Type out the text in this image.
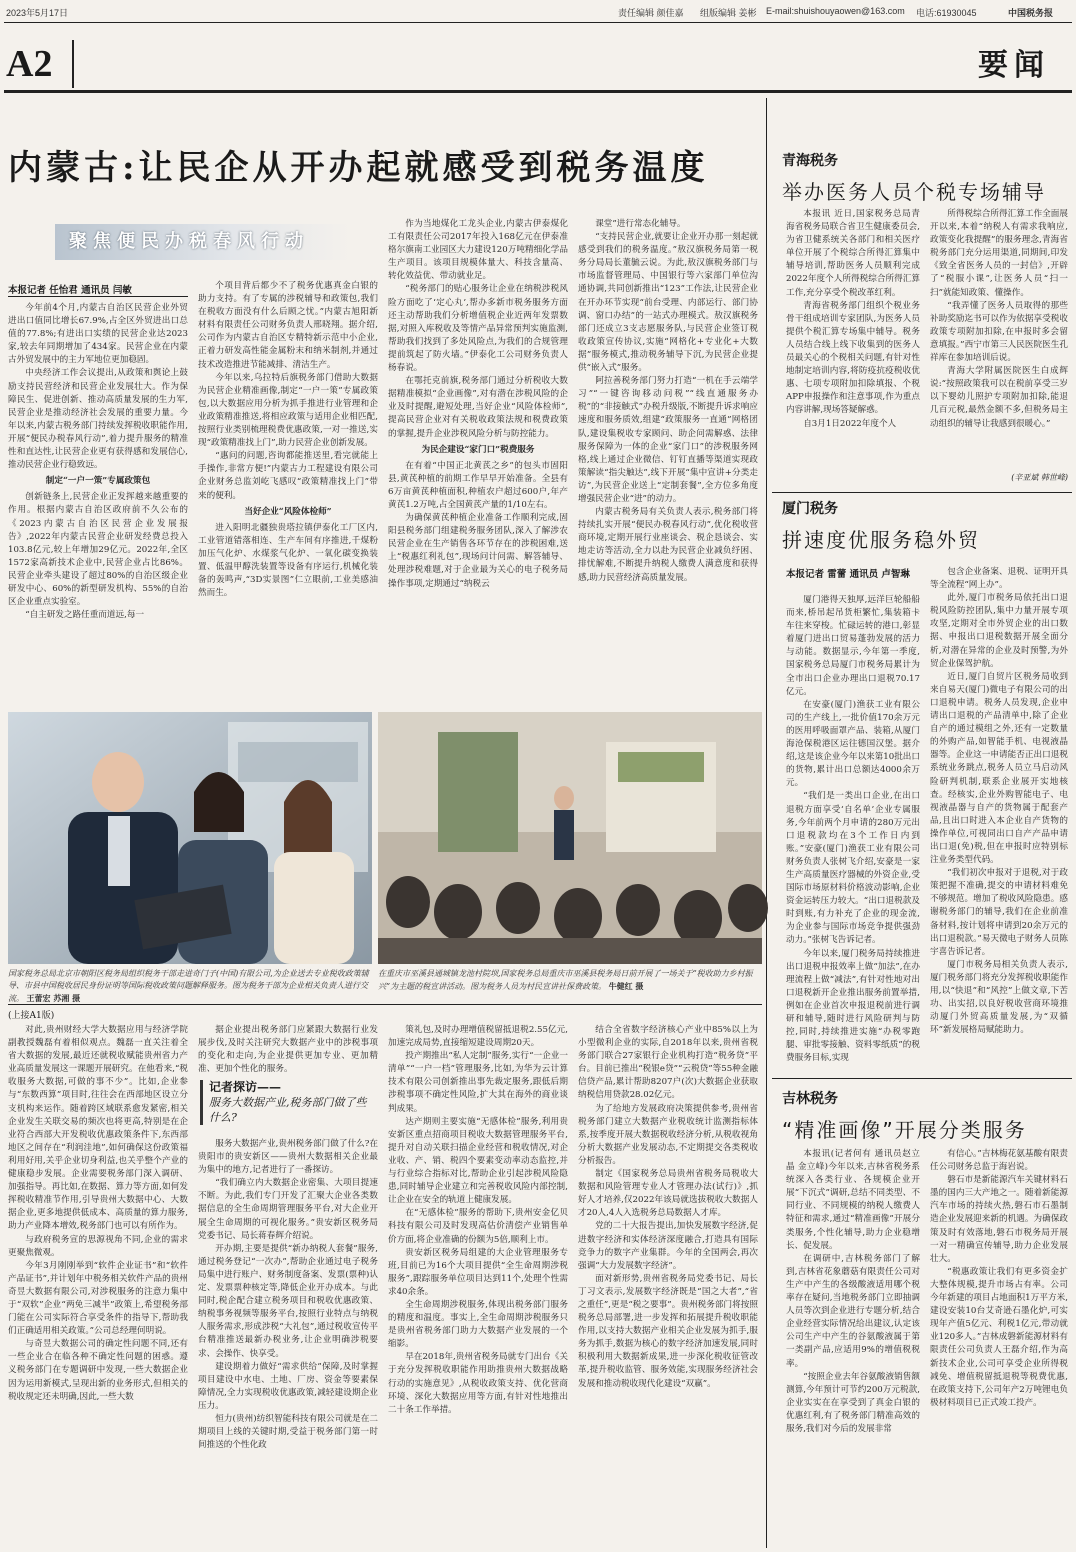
2023年5月17日	责任编辑 颜佳嘉 组版编辑 姜彬 E-mail:shuishouyaowen@163.com 电话:61930045	中国税务报
A2	要闻
内蒙古:让民企从开办起就感受到税务温度
聚焦便民办税春风行动
本报记者 任怡君 通讯员 闫敏

今年前4个月,内蒙古自治区民营企业外贸进出口值同比增长67.9%,占全区外贸进出口总值的77.8%;有进出口实绩的民营企业达2023家,较去年同期增加了434家。民营企业在内蒙古外贸发展中的主力军地位更加稳固。

中央经济工作会议提出,从政策和舆论上鼓励支持民营经济和民营企业发展壮大。作为保障民生、促进创新、推动高质量发展的生力军,民营企业是推动经济社会发展的重要力量。今年以来,内蒙古税务部门持续发挥税收职能作用,开展“便民办税春风行动”,着力提升服务的精准性和直达性,让民营企业更有获得感和发展信心,推动民营企业行稳致远。

制定“一户一策”专属政策包

创新链条上,民营企业正发挥越来越重要的作用。根据内蒙古自治区政府前不久公布的《2023内蒙古自治区民营企业发展报告》,2022年内蒙古民营企业研发经费总投入103.8亿元,较上年增加29亿元。2022年,全区1572家高新技术企业中,民营企业占比86%。民营企业牵头建设了超过80%的自治区级企业研发中心、60%的新型研发机构、55%的自治区企业重点实验室。

“自主研发之路任重而道远,每一

个项目背后都少不了税务优惠真金白银的助力支持。有了专属的涉税辅导和政策包,我们在税收方面没有什么后顾之忧。”内蒙古旭阳新材料有限责任公司财务负责人邢晓翔。据介绍,公司作为内蒙古自治区专精特新示范中小企业,正着力研发高性能金属粉末和纳米制剂,并通过技术改造推进节能减排、清洁生产。

今年以来,乌拉特后旗税务部门借助大数据为民营企业精准画像,制定“一户一策”专属政策包,以大数据应用分析为抓手推进行业管理和企业政策精准推送,将相应政策与适用企业相匹配,按照行业类别梳理税费优惠政策,一对一推送,实现“政策精准找上门”,助力民营企业创新发展。

“惠问的问题,咨询都能推送里,看完就能上手操作,非常方便!”内蒙古力工程建设有限公司企业财务总监刘屹飞感叹“政策精准找上门”带来的便利。

当好企业“风险体检师”

进入阳明北疆独贵塔拉镇伊泰化工厂区内,工业管道错落相连、生产车间有序推进,千煤粉加压气化炉、水煤浆气化炉、一氧化碳变换装置、低温甲醇洗装置等设备有序运行,机械化装备的轰鸣声,“3D实景图”仁立眼前,工业美感油然而生。

作为当地煤化工龙头企业,内蒙古伊泰煤化工有限责任公司2017年投入168亿元在伊泰准格尔旗南工业园区大力建设120万吨精细化学品生产项目。该项目规模体量大、科技含量高、转化效益优、带动就业足。

“税务部门的贴心服务让企业在纳税涉税风险方面吃了‘定心丸’,帮办多新市税务服务方面还主动帮助我们分析增值税企业近两年发票数据,对照入库税收及等情产品异常预判实施监测,帮助我们找到了多处风险点,为我们的合规管理提前筑起了防火墙。”伊泰化工公司财务负责人杨春说。

在鄂托克前旗,税务部门通过分析税收大数据精准模拟“企业画像”,对有潜在涉税风险的企业及时提醒,避短处理,当好企业“风险体检师”,提高民营企业对有关税收政策法规和税费政策的掌握,提升企业涉税风险分析与防控能力。

为民企建设“家门口”税费服务

在有着“中国正北黄芪之乡”的包头市固阳县,黄芪种植的前期工作早早开始准备。全县有6万亩黄芪种植面积,种植农户超过600户,年产黄芪1.2万吨,占全国黄芪产量的1/10左右。

为确保黄芪种植企业准备工作顺利完成,固阳县税务部门组建税务服务团队,深入了解涉农民营企业在生产销售各环节存在的涉税困难,送上“税惠红利礼包”,现场问计问需、解答辅导、处理涉税难题,对于企业最为关心的电子税务局操作事项,定期通过“纳税云

课堂”进行常态化辅导。

“支持民营企业,就要让企业开办那一刻起就感受到我们的税务温度。”敖汉旗税务局第一税务分局局长董毓云说。为此,敖汉旗税务部门与市场监督管理局、中国银行等六家部门单位沟通协调,共同创新推出“123”工作法,让民营企业在开办环节实现“前台受理、内部运行、部门协调、窗口办结”的一站式办理模式。敖汉旗税务部门还成立3支志愿服务队,与民营企业签订税收政策宣传协议,实施“网格化+专业化+大数据”服务模式,推动税务辅导下沉,为民营企业提供“嵌入式”服务。

阿拉善税务部门努力打造“一机在手云端学习”“一键咨询移动问税”“线直通服务办税”的“非接触式”办税升级版,不断提升诉求响应速度和服务质效,组建“政策服务一直通”网格团队,建设集税收专家顾问、助企问需解惑、法律服务保障为一体的企业“家门口”的涉税服务网格,线上通过企业微信、钉钉直播等渠道实现政策解读“指尖触达”,线下开展“集中宣讲+分类走访”,为民营企业送上“定制套餐”,全方位多角度增强民营企业“进”的动力。

内蒙古税务局有关负责人表示,税务部门将持续扎实开展“便民办税春风行动”,优化税收营商环境,定期开展行业座谈会、税企恳谈会、实地走访等活动,全力以赴为民营企业减负纾困、排忧解难,不断提升纳税人缴费人满意度和获得感,助力民营经济高质量发展。

青海税务
举办医务人员个税专场辅导

本报讯 近日,国家税务总局青海省税务局联合省卫生健康委员会,为省卫健系统关各部门和相关医疗单位开展了个税综合所得汇算集中辅导培训,帮助医务人员顺利完成2022年度个人所得税综合所得汇算工作,充分享受个税改革红利。

青海省税务部门组织个税业务骨干组成培训专家团队,为医务人员提供个税汇算专场集中辅导。税务人员结合线上线下收集到的医务人员最关心的个税相关问题,有针对性地制定培训内容,将防疫抗疫税收优惠、七项专项附加扣除填报、个税APP申报操作和注意事项,作为重点内容讲解,现场答疑解惑。

自3月1日2022年度个人

所得税综合所得汇算工作全面展开以来,本着“纳税人有需求我响应,政策变化我提醒”的服务理念,青海省税务部门充分运用渠道,同期间,印发《致全省医务人员的一封信》,开辟了“税服小课”,让医务人员“扫一扫”就能知政策、懂操作。

“我弄懂了医务人员取得的那些补助奖励迄书可以作为依据享受税收政策专项附加扣除,在申报时多会留意填报。”西宁市第三人民医院医生孔祥库在参加培训后说。

青海大学附属医院医生白成辉说:“按照政策我可以在税前享受三岁以下婴幼儿照护专项附加扣除,能退几百元税,最然金额不多,但税务局主动组织的辅导让我感到很暖心。”

(辛亚斌 韩世峰)
厦门税务
拼速度优服务稳外贸
本报记者 雷蕾 通讯员 卢智琳

厦门港得天独厚,远洋巨轮船船而来,桥吊起吊货柜繁忙,集装箱卡车往来穿梭。忙碌运转的港口,彰显着厦门进出口贸易蓬勃发展的活力与动能。数据显示,今年第一季度,国家税务总局厦门市税务局累计为全市出口企业办理出口退税70.17亿元。

在安豪(厦门)渔获工业有限公司的生产线上,一批价值170余万元的医用呼吸面罩产品、装箱,从厦门海沧保税港区运往德国汉堡。据介绍,这是该企业今年以来第10批出口的货物,累计出口总额达4000余万元。

“我们是一类出口企业,在出口退税方面享受‘自名单’企业专属服务,今年前两个月申请的280万元出口退税款均在3个工作日内到账。”安豪(厦门)渔获工业有限公司财务负责人张树飞介绍,安豪是一家生产高质量医疗器械的外资企业,受国际市场原材料价格波动影响,企业资金运转压力较大。“出口退税款及时到账,有力补充了企业的现金流,为企业参与国际市场竞争提供强劲动力。”张树飞告诉记者。

今年以来,厦门税务局持续推进出口退税申报效率上做“加法”,在办理流程上做“减法”,有针对性地对出口退税新开企业推出服务前置举措,例如在企业首次申报退税前进行调研和辅导,随时进行风险研判与防控,同时,持续推进实施“办税零跑腿、审批零接触、资料零纸质”的税费服务目标,实现

包含企业备案、退税、证明开具等全流程“网上办”。

此外,厦门市税务局依托出口退税风险防控团队,集中力量开展专项攻坚,定期对全市外贸企业的出口数据、申报出口退税数据开展全面分析,对潜在异常的企业及时预警,为外贸企业保驾护航。

近日,厦门自贸片区税务局收到来自易天(厦门)微电子有限公司的出口退税申请。税务人员发现,企业申请出口退税的产品清单中,除了企业自产的通过模组之外,还有一定数量的外购产品,如智能手机、电视液晶器等。企业这一申请能否正出口退税系统业务跳点,税务人员立马启动风险研判机制,联系企业展开实地核查。经核实,企业外购智能电子、电视液晶器与自产的货物属于配套产品,且出口时进入本企业自产货物的操作单位,可视同出口自产产品申请出口退(免)税,但在申报时应特别标注业务类型代码。

“我们初次申报对于退税,对于政策把握不准确,提交的申请材料难免不够规范。增加了税收风险隐患。感谢税务部门的辅导,我们在企业前准备材料,按计划将申请到20余万元的出口退税款。”易天微电子财务人员陈宇喜告诉记者。

厦门市税务局相关负责人表示,厦门税务部门将充分发挥税收职能作用,以“快退”和“风控”上做文章,下苦功、出实招,以良好税收营商环境推动厦门外贸高质量发展,为“双循环”新发展格局赋能助力。

吉林税务
“精准画像”开展分类服务

本报讯(记者何有 通讯员赵立晶 金立峰)今年以来,吉林省税务系统深入各类行业、各规模企业开展“下沉式”调研,总结不同类型、不同行业、不同规模的纳税人缴费人特征和需求,通过“精准画像”开展分类服务,个性化辅导,助力企业稳增长、促发展。

在调研中,吉林税务部门了解到,吉林省花象蘑菇有限责任公司对生产中产生的各级酸液适用哪个税率存在疑问,当地税务部门立即抽调人员等次到企业进行专题分析,结合企业经营实际情况给出建议,认定该公司生产中产生的谷氨酸液属于第一类副产品,应适用9%的增值税税率。

“按照企业去年谷氨酸液销售额测算,今年预计可节约200万元税款,企业实实在在享受到了真金白银的优惠红利,有了税务部门精准高效的服务,我们对今后的发展非常

有信心。”吉林梅花氨基酸有限责任公司财务总监于海岩说。

磐石市是新能源汽车关键材料石墨的国内三大产地之一。随着新能源汽车市场的持续火热,磐石市石墨制造企业发展迎来新的机遇。为确保政策及时有效落地,磐石市税务局开展一对一精确宣传辅导,助力企业发展壮大。

“税惠政策让我们有更多资金扩大整体规模,提升市场占有率。公司今年新建的项目占地面积1万平方米,建设安装10台艾奇逊石墨化炉,可实现年产值5亿元、利税1亿元,带动就业120多人。”吉林成磐新能源材料有限责任公司负责人王磊介绍,作为高新技术企业,公司可享受企业所得税减免、增值税留抵退税等税费优惠,在政策支持下,公司年产2万吨锂电负极材料项目已正式竣工投产。

国家税务总局北京市朝阳区税务局组织税务干部走进奇门子(中国)有限公司,为企业送去专业税收政策辅导、市县中国税收居民身份证明等国际税收政策问题解释服务。图为税务干部为企业相关负责人进行交流。 王蕾宏 苏湘 摄
在重庆市巫溪县通城镇龙池村院坝,国家税务总局重庆市巫溪县税务局日前开展了一场关于“税收助力乡村振兴”为主题的税宣讲活动。图为税务人员为村民宣讲社保费政策。 牛健红 摄
(上接A1版)

对此,贵州财经大学大数据应用与经济学院副教授魏磊有着相似观点。魏磊一直关注着全省大数据的发展,最近还就税收赋能贵州省力产业高质量发展这一课题开展研究。在他看来,“税收服务大数据,可做的事不少”。比如,企业参与“东数西算”项目时,往往会在西部地区设立分支机构来运作。随着跨区域联系愈发紧密,相关企业发生关联交易的频次也将更高,特别是在企业符合西部大开发税收优惠政策条件下,东西部地区之间存在“利润洼地”,如何确保这份政策福利用好用,关乎企业切身利益,也关乎整个产业的健康稳步发展。企业需要税务部门深入调研、加强指导。再比如,在数据、算力等方面,如何发挥税收精准节作用,引导贵州大数据中心、大数据企业,更多地提供低成本、高质量的算力服务,助力产业降本增效,税务部门也可以有所作为。

与政府税务宣的思源视角不同,企业的需求更聚焦微观。

今年3月刚刚举到“软件企业证书”和“软件产品证书”,并计划年中税务相关软件产品的贵州奇昱大数据有限公司,对涉税服务的注意力集中于“双软”企业“两免三减半”政策上,希望税务部门能在公司实际符合享受条件的指导下,帮助我们正确适用相关政策。”公司总经理何明说。

与奇昱大数据公司的确定性问题不同,还有一些企业合在临各种不确定性问题的困惑。遵义税务部门在专题调研中发现,一些大数据企业因为运用新模式,呈现出新的业务形式,但相关的税收规定还未明确,因此,一些大数

据企业提出税务部门应紧跟大数据行业发展步伐,及时关注研究大数据产业中的涉税事项的变化和走向,为企业提供更加专业、更加精准、更加个性化的服务。

记者探访——
服务大数据产业,税务部门做了些什么?

服务大数据产业,贵州税务部门做了什么?在贵阳市的贵安新区——贵州大数据相关企业最为集中的地方,记者进行了一番探访。

“我们确立内大数据企业密集、大项目提速不断。为此,我们专门开发了汇聚大企业各类数据信息的全生命周期管理服务平台,对大企业开展全生命周期的可视化服务。”贵安新区税务局党委书记、局长蒋春辉介绍说。

开办期,主要是提供“新办纳税人套餐”服务,通过税务登记“一次办”,帮助企业通过电子税务局集中进行账户、财务制度备案、发票(票种)认定、发票票种核定等,降低企业开办成本。与此同时,税企配合建立税务项目和税收优惠政策、纳税事务视频等服务平台,按照行业特点与纳税人服务需求,形成涉税“大礼包”,通过税收宣传平台精准推送最新办税业务,让企业明确涉税要求、会操作、快享受。

建设期着力做好“需求供给”保障,及时掌握项目建设中水电、土地、厂房、资金等要素保障情况,全力实现税收优惠政策,减轻建设期企业压力。

恒力(贵州)纺织智能科技有限公司就是在二期项目上线的关键时期,受益于税务部门第一时间推送的个性化政

策礼包,及时办理增值税留抵退税2.55亿元,加速完成局势,直接缩短建设周期20天。

投产期推出“私人定制”服务,实行“一企业一清单”“一户一档”管理服务,比如,为华为云计算技术有限公司创新推出事先裁定服务,跟低后期涉税事项不确定性风险,扩大其在海外的商业谈判成果。

达产期则主要实施“无感体检”服务,利用贵安新区重点招商项目税收大数据管理服务平台,提升对自动关联扫描企业经营和税收情况,对企业收、产、销、税四个要素变动率动态监控,并与行业综合指标对比,帮助企业引起涉税风险隐患,同时辅导企业建立和完善税收风险内部控制,让企业在安全的轨道上健康发展。

在“无感体检”服务的帮助下,贵州安金亿贝科技有限公司及时发现高估价清偿产业销售单价方面,将企业准确的份额为5倍,顺利上市。

贵安新区税务局组建的大企业管理服务专班,目前已为16个大项目提供“全生命周期涉税服务”,跟踪服务单位项目达到11个,处理个性需求40余条。

全生命周期涉税服务,体现出税务部门服务的精度和温度。事实上,全生命周期涉税服务只是贵州省税务部门助力大数据产业发展的一个缩影。

早在2018年,贵州省税务局就专门出台《关于充分发挥税收职能作用助推贵州大数据战略行动的实施意见》,从税收政策支持、优化营商环境、深化大数据应用等方面,有针对性地推出二十条工作举措。

结合全省数字经济核心产业中85%以上为小型微利企业的实际,自2018年以来,贵州省税务部门联合27家银行企业机构打造“税务贷”平台。目前已推出“税银e贷”“云税贷”等55种金融信贷产品,累计帮助8207户(次)大数据企业获取纳税信用贷款28.02亿元。

为了给地方发展政府决策提供参考,贵州省税务部门建立大数据产业税收统计监测指标体系,按季度开展大数据税收经济分析,从税收视角分析大数据产业发展动态,不定期提交各类税收分析报告。

制定《国家税务总局贵州省税务局税收大数据和风险管理专业人才管理办法(试行)》,抓好人才培养,仅2022年该局就选拔税收大数据人才20人,4人入选税务总局数据人才库。

党的二十大报告提出,加快发展数字经济,促进数字经济和实体经济深度融合,打造具有国际竞争力的数字产业集群。今年的全国两会,再次强调“大力发展数字经济”。

面对新形势,贵州省税务局党委书记、局长丁习文表示,发展数字经济既是“国之大者”,“省之重任”,更是“税之要事”。贵州税务部门将按照税务总局部署,进一步发挥和拓展提升税收职能作用,以支持大数据产业相关企业发展为抓手,服务为抓手,数据为核心的数字经济加速发展,同时积极利用大数据新成果,进一步深化税收征管改革,提升税收监管、服务效能,实现服务经济社会发展和推动税收现代化建设“双赢”。
